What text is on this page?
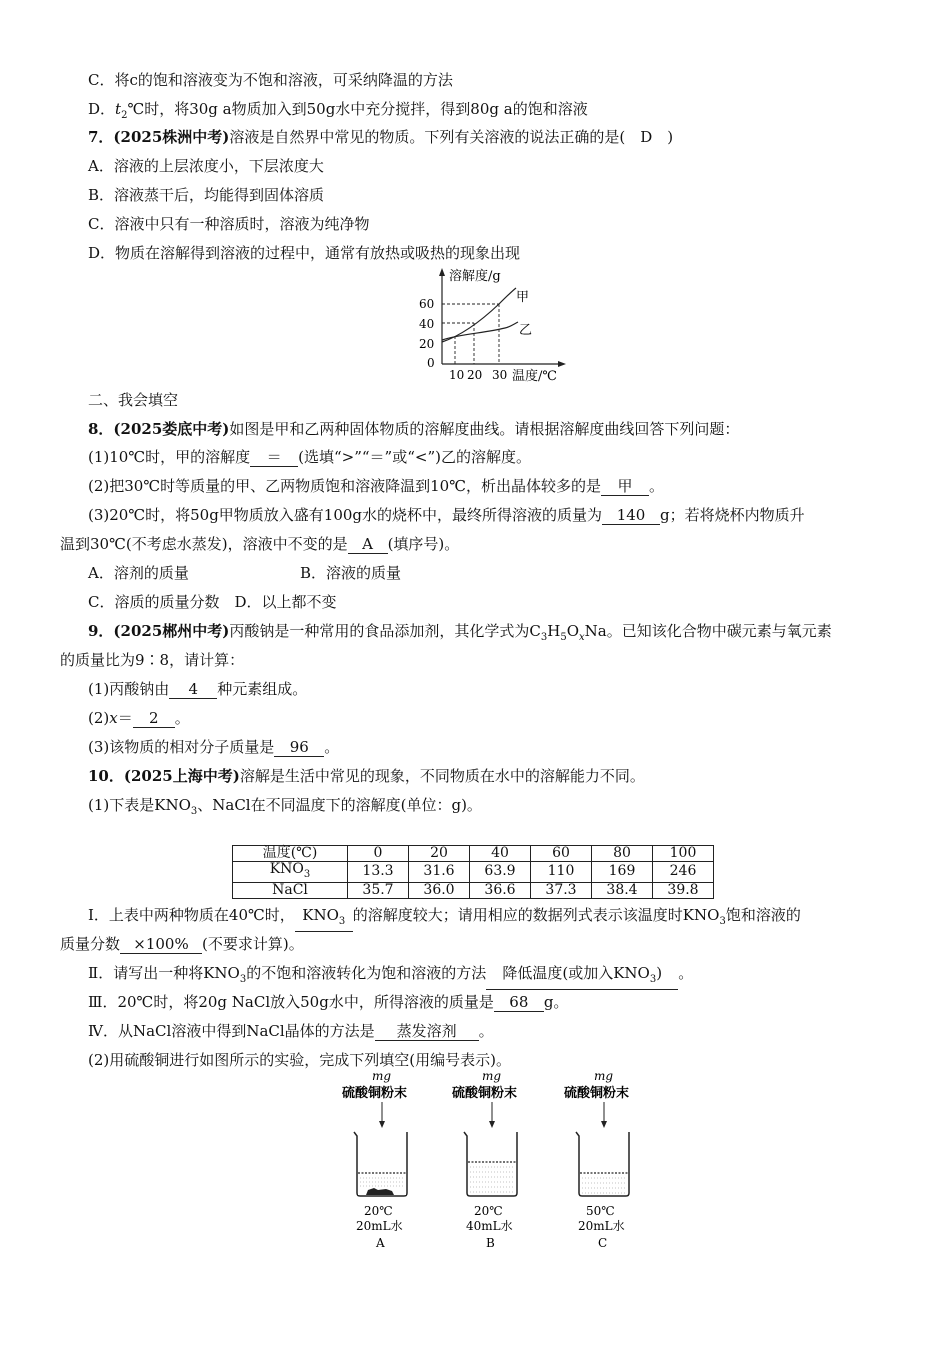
C．将c的饱和溶液变为不饱和溶液，可采纳降温的方法
D．$t_2℃$时，将30g a物质加入到50g水中充分搅拌，得到80g a的饱和溶液
7．(2025株洲中考)溶液是自然界中常见的物质。下列有关溶液的说法正确的是(　D　)
A．溶液的上层浓度小，下层浓度大
B．溶液蒸干后，均能得到固体溶质
C．溶液中只有一种溶质时，溶液为纯净物
D．物质在溶解得到溶液的过程中，通常有放热或吸热的现象出现
溶解度/g
60
40
20
0
甲
乙
10 20 30 温度/℃
二、我会填空
8．(2025娄底中考)如图是甲和乙两种固体物质的溶解度曲线。请根据溶解度曲线回答下列问题：
(1)10℃时，甲的溶解度 ＝ (选填“>”“＝”或“<”)乙的溶解度。
(2)把30℃时等质量的甲、乙两物质饱和溶液降温到10℃，析出晶体较多的是 甲 。
(3)20℃时，将50g甲物质放入盛有100g水的烧杯中，最终所得溶液的质量为 140 g；若将烧杯内物质升
温到30℃(不考虑水蒸发)，溶液中不变的是 A (填序号)。
A．溶剂的质量	B．溶液的质量
C．溶质的质量分数　D．以上都不变
9．(2025郴州中考)丙酸钠是一种常用的食品添加剂，其化学式为$C_3H_5O_xNa$。已知该化合物中碳元素与氧元素
的质量比为9∶8，请计算：
(1)丙酸钠由 4 种元素组成。
(2)x＝ 2 。
(3)该物质的相对分子质量是 96 。
10．(2025上海中考)溶解是生活中常见的现象，不同物质在水中的溶解能力不同。
(1)下表是$KNO_3$、NaCl在不同温度下的溶解度(单位：g)。
温度(℃)	0	20	40	60	80	100
$KNO_3$	13.3	31.6	63.9	110	169	246
NaCl	35.7	36.0	36.6	37.3	38.4	39.8
Ⅰ．上表中两种物质在40℃时， $KNO_3$ 的溶解度较大；请用相应的数据列式表示该温度时$KNO_3$饱和溶液的
质量分数 ×100% (不要求计算)。
Ⅱ．请写出一种将$KNO_3$的不饱和溶液转化为饱和溶液的方法 降低温度(或加入$KNO_3$) 。
Ⅲ．20℃时，将20g NaCl放入50g水中，所得溶液的质量是 68 g。
Ⅳ．从NaCl溶液中得到NaCl晶体的方法是 蒸发溶剂 。
(2)用硫酸铜进行如图所示的实验，完成下列填空(用编号表示)。
mg
硫酸铜粉末
20℃
20mL水
A
mg
硫酸铜粉末
20℃
40mL水
B
mg
硫酸铜粉末
50℃
20mL水
C
